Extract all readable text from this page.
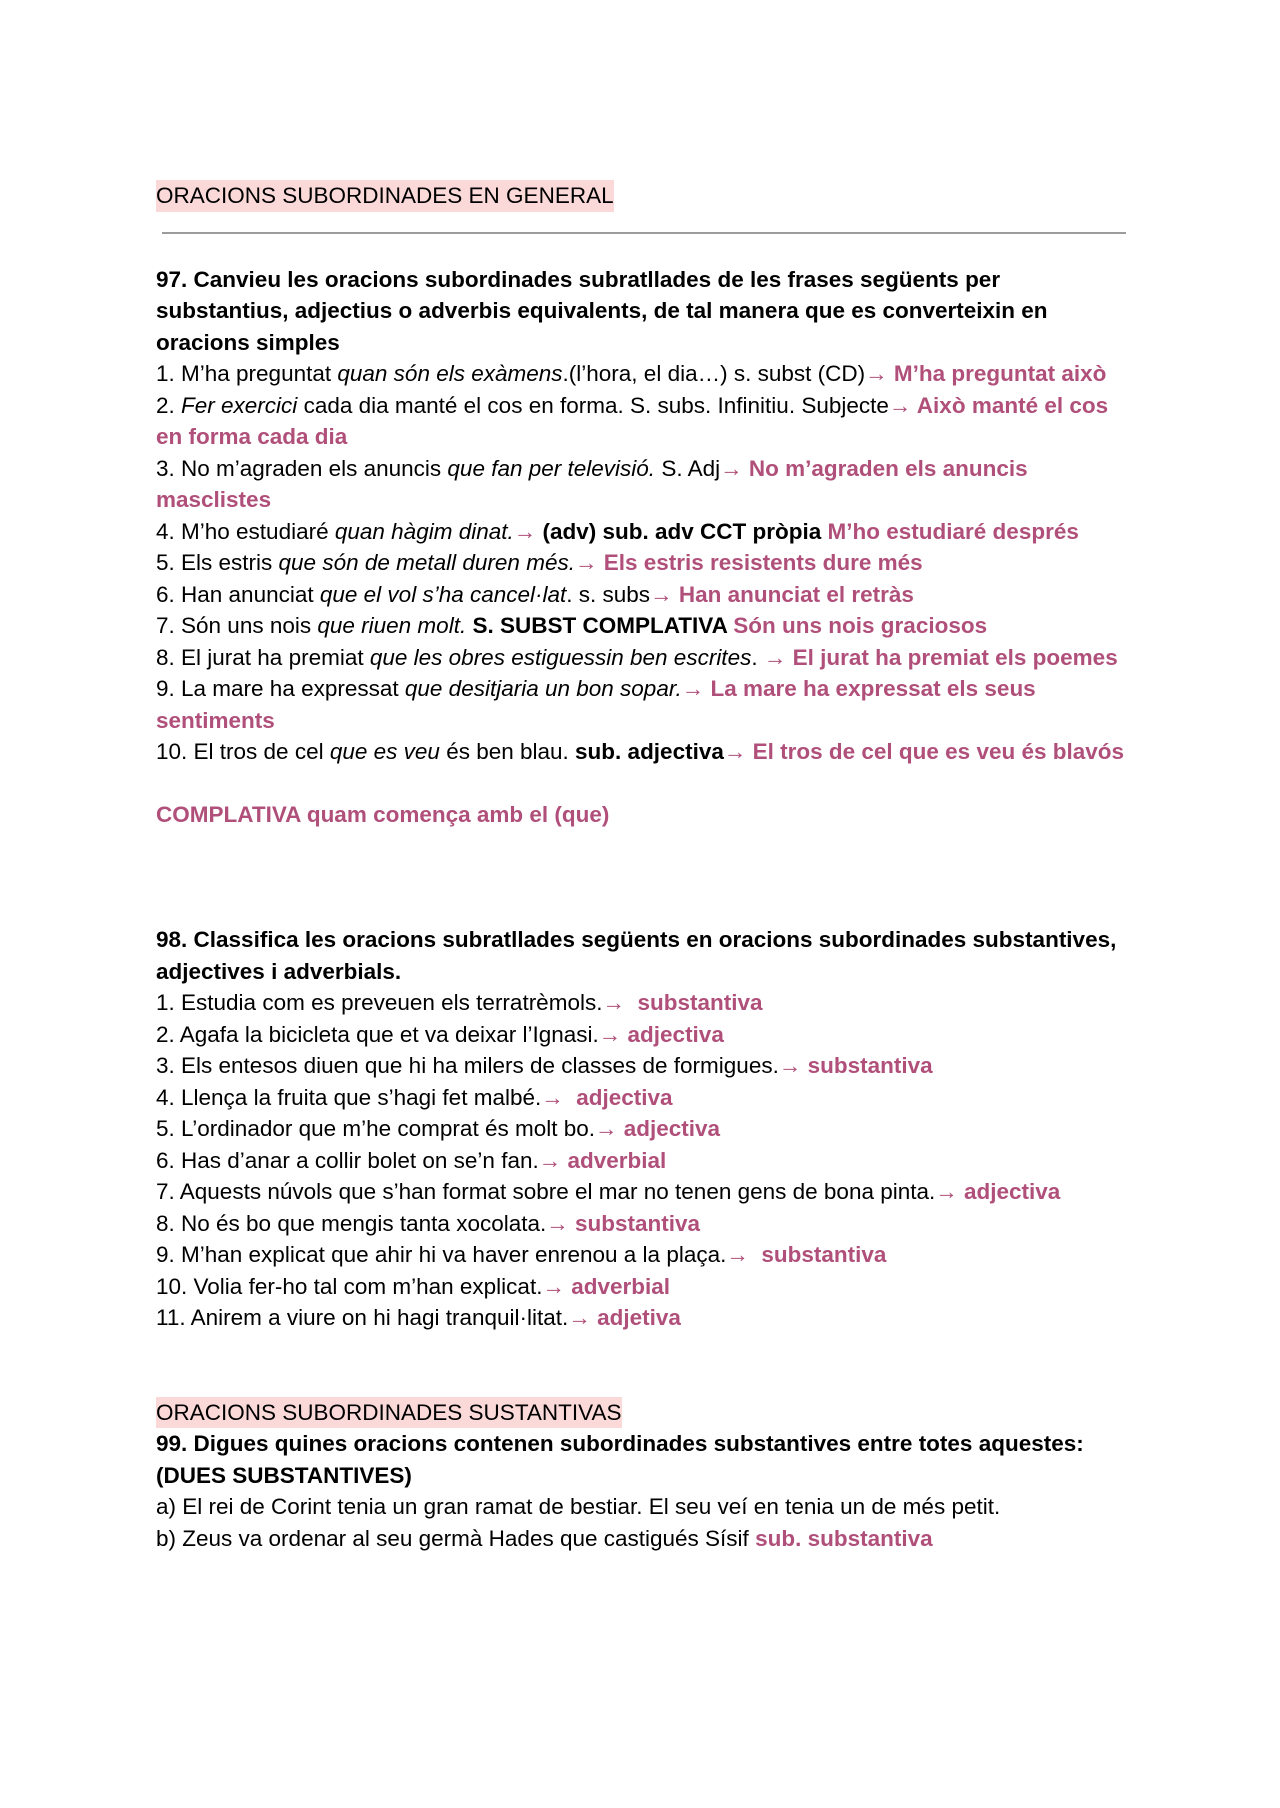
ORACIONS SUBORDINADES EN GENERAL

97. Canvieu les oracions subordinades subratllades de les frases següents per substantius, adjectius o adverbis equivalents, de tal manera que es converteixin en oracions simples

1. M’ha preguntat quan són els exàmens.(l’hora, el dia…) s. subst (CD)→ M’ha preguntat això

2. Fer exercici cada dia manté el cos en forma. S. subs. Infinitiu. Subjecte→ Això manté el cos en forma cada dia

3. No m’agraden els anuncis que fan per televisió. S. Adj→ No m’agraden els anuncis masclistes

4. M’ho estudiaré quan hàgim dinat.→ (adv) sub. adv CCT pròpia M’ho estudiaré després

5. Els estris que són de metall duren més.→ Els estris resistents dure més

6. Han anunciat que el vol s’ha cancel·lat. s. subs→ Han anunciat el retràs

7. Són uns nois que riuen molt. S. SUBST COMPLATIVA Són uns nois graciosos

8. El jurat ha premiat que les obres estiguessin ben escrites. → El jurat ha premiat els poemes

9. La mare ha expressat que desitjaria un bon sopar.→ La mare ha expressat els seus sentiments

10. El tros de cel que es veu és ben blau. sub. adjectiva→ El tros de cel que es veu és blavós

COMPLATIVA quam comença amb el (que)

98. Classifica les oracions subratllades següents en oracions subordinades substantives, adjectives i adverbials.

1. Estudia com es preveuen els terratrèmols.→  substantiva

2. Agafa la bicicleta que et va deixar l’Ignasi.→ adjectiva

3. Els entesos diuen que hi ha milers de classes de formigues.→ substantiva

4. Llença la fruita que s’hagi fet malbé.→  adjectiva

5. L’ordinador que m’he comprat és molt bo.→ adjectiva

6. Has d’anar a collir bolet on se’n fan.→ adverbial

7. Aquests núvols que s’han format sobre el mar no tenen gens de bona pinta.→ adjectiva

8. No és bo que mengis tanta xocolata.→ substantiva

9. M’han explicat que ahir hi va haver enrenou a la plaça.→  substantiva

10. Volia fer-ho tal com m’han explicat.→ adverbial

11. Anirem a viure on hi hagi tranquil·litat.→ adjetiva

ORACIONS SUBORDINADES SUSTANTIVAS

99. Digues quines oracions contenen subordinades substantives entre totes aquestes: (DUES SUBSTANTIVES)

a) El rei de Corint tenia un gran ramat de bestiar. El seu veí en tenia un de més petit.

b) Zeus va ordenar al seu germà Hades que castigués Sísif sub. substantiva
